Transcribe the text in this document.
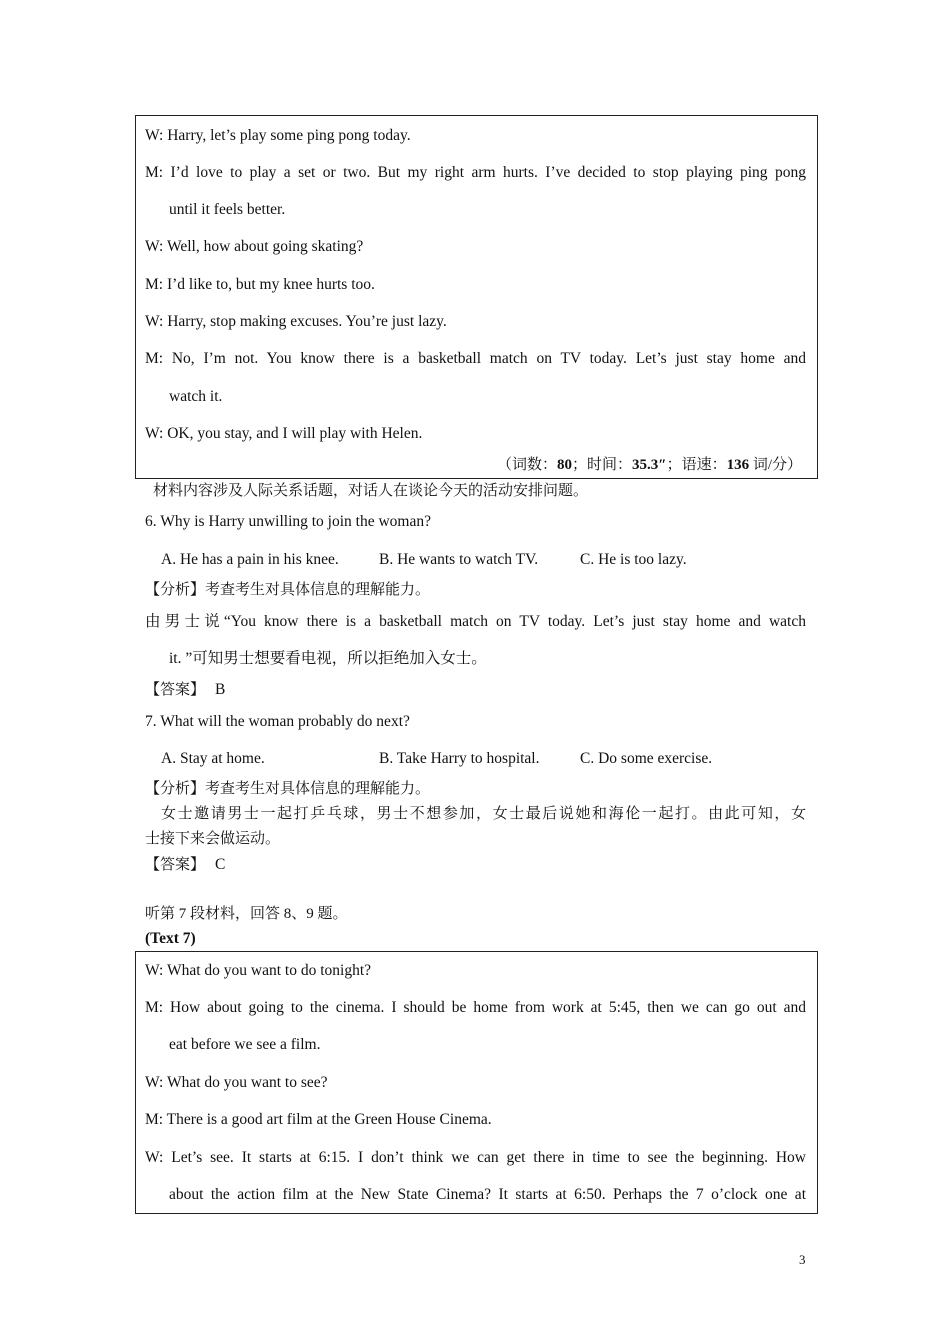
W: Harry, let’s play some ping pong today.
M: I’d love to play a set or two. But my right arm hurts. I’ve decided to stop playing ping pong
until it feels better.
W: Well, how about going skating?
M: I’d like to, but my knee hurts too.
W: Harry, stop making excuses. You’re just lazy.
M: No, I’m not. You know there is a basketball match on TV today. Let’s just stay home and
watch it.
W: OK, you stay, and I will play with Helen.
（词数：80；时间：35.3″；语速：136 词/分）
材料内容涉及人际关系话题，对话人在谈论今天的活动安排问题。
6. Why is Harry unwilling to join the woman?
A. He has a pain in his knee.	B. He wants to watch TV.	C. He is too lazy.
【分析】考查考生对具体信息的理解能力。
由男士说“You know there is a basketball match on TV today. Let’s just stay home and watch
it. ”可知男士想要看电视，所以拒绝加入女士。
【答案】 B
7. What will the woman probably do next?
A. Stay at home.	B. Take Harry to hospital.	C. Do some exercise.
【分析】考查考生对具体信息的理解能力。
女士邀请男士一起打乒乓球，男士不想参加，女士最后说她和海伦一起打。由此可知，女
士接下来会做运动。
【答案】 C
听第 7 段材料，回答 8、9 题。
(Text 7)
W: What do you want to do tonight?
M: How about going to the cinema. I should be home from work at 5:45, then we can go out and
eat before we see a film.
W: What do you want to see?
M: There is a good art film at the Green House Cinema.
W: Let’s see. It starts at 6:15. I don’t think we can get there in time to see the beginning. How
about the action film at the New State Cinema? It starts at 6:50. Perhaps the 7 o’clock one at
3
